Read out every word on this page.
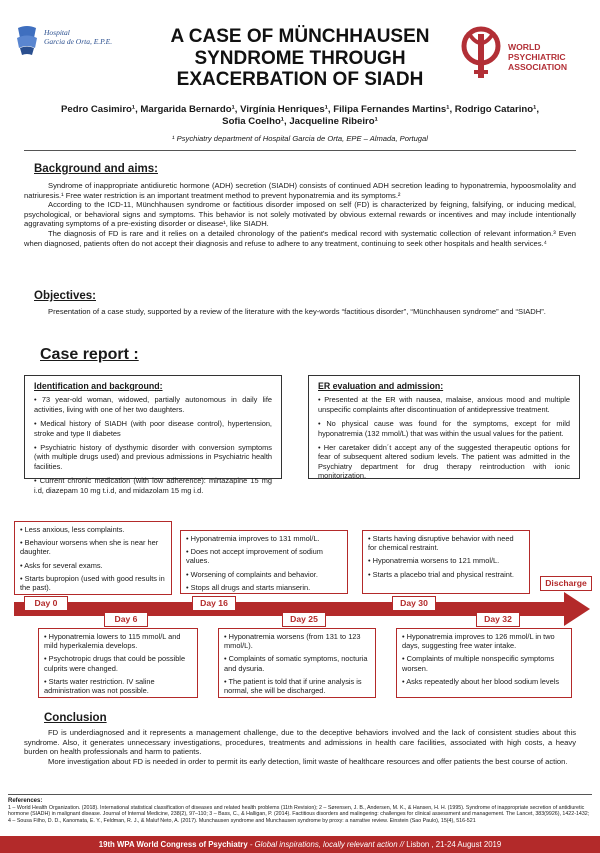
Hospital
Garcia de Orta, E.P.E.
WORLD
PSYCHIATRIC
ASSOCIATION
A CASE OF MÜNCHHAUSEN SYNDROME THROUGH EXACERBATION OF SIADH
Pedro Casimiro¹, Margarida Bernardo¹, Virgínia Henriques¹, Filipa Fernandes Martins¹, Rodrigo Catarino¹,
Sofia Coelho¹, Jacqueline Ribeiro¹
¹ Psychiatry department of Hospital Garcia de Orta, EPE – Almada, Portugal
Background and aims:

Syndrome of inappropriate antidiuretic hormone (ADH) secretion (SIADH) consists of continued ADH secretion leading to hyponatremia, hypoosmolality and natriuresis.¹ Free water restriction is an important treatment method to prevent hyponatremia and its symptoms.²

According to the ICD-11, Münchhausen syndrome or factitious disorder imposed on self (FD) is characterized by feigning, falsifying, or inducing medical, psychological, or behavioral signs and symptoms. This behavior is not solely motivated by obvious external rewards or incentives and may include intentionally aggravating symptoms of a pre-existing disorder or disease¹, like SIADH.

The diagnosis of FD is rare and it relies on a detailed chronology of the patient's medical record with systematic collection of relevant information.³ Even when diagnosed, patients often do not accept their diagnosis and refuse to adhere to any treatment, continuing to seek other hospitals and health services.⁴

Objectives:

Presentation of a case study, supported by a review of the literature with the key-words “factitious disorder”, “Münchhausen syndrome” and “SIADH”.

Case report :
Identification and background:
• 73 year-old woman, widowed, partially autonomous in daily life activities, living with one of her two daughters.
• Medical history of SIADH (with poor disease control), hypertension, stroke and type II diabetes
• Psychiatric history of dysthymic disorder with conversion symptoms (with multiple drugs used) and previous admissions in Psychiatric health facilities.
• Current chronic medication (with low adherence): mirtazapine 15 mg i.d, diazepam 10 mg t.i.d, and midazolam 15 mg i.d.
ER evaluation and admission:
• Presented at the ER with nausea, malaise, anxious mood and multiple unspecific complaints after discontinuation of antidepressive treatment.
• No physical cause was found for the symptoms, except for mild hyponatremia (132 mmol/L) that was within the usual values for the patient.
• Her caretaker didn´t accept any of the suggested therapeutic options for fear of subsequent altered sodium levels. The patient was admitted in the Psychiatry department for drug therapy reintroduction with ionic monitorization.
• Less anxious, less complaints.
• Behaviour worsens when she is near her daughter.
• Asks for several exams.
• Starts bupropion (used with good results in the past).
• Hyponatremia improves to 131 mmol/L.
• Does not accept improvement of sodium values.
• Worsening of complaints and behavior.
• Stops all drugs and starts mianserin.
• Starts having disruptive behavior with need for chemical restraint.
• Hyponatremia worsens to 121 mmol/L.
• Starts a placebo trial and physical restraint.
Day 0
Day 6
Day 16
Day 25
Day 30
Day 32
Discharge
• Hyponatremia lowers to 115 mmol/L and mild hyperkalemia develops.
• Psychotropic drugs that could be possible culprits were changed.
• Starts water restriction. IV saline administration was not possible.
• Hyponatremia worsens (from 131 to 123 mmol/L).
• Complaints of somatic symptoms, nocturia and dysuria.
• The patient is told that if urine analysis is normal, she will be discharged.
• Hyponatremia improves to 126 mmol/L in two days, suggesting free water intake.
• Complaints of multiple nonspecific symptoms worsen.
• Asks repeatedly about her blood sodium levels
Conclusion

FD is underdiagnosed and it represents a management challenge, due to the deceptive behaviors involved and the lack of consistent studies about this syndrome. Also, it generates unnecessary investigations, procedures, treatments and admissions in health care facilities, associated with high costs, a heavy burden on health professionals and harm to patients.

More investigation about FD is needed in order to permit its early detection, limit waste of healthcare resources and offer patients the best course of action.

References:
1 – World Health Organization. (2018). International statistical classification of diseases and related health problems (11th Revision); 2 – Sørensen, J. B., Andersen, M. K., & Hansen, H. H. (1995). Syndrome of inappropriate secretion of antidiuretic hormone (SIADH) in malignant disease. Journal of Internal Medicine, 238(2), 97–110; 3 – Bass, C., & Halligan, P. (2014). Factitious disorders and malingering: challenges for clinical assessment and management. The Lancet, 383(9926), 1422-1432; 4 – Sousa Filho, D. D., Kanomata, E. Y., Feldman, R. J., & Maluf Neto, A. (2017). Munchausen syndrome and Munchausen syndrome by proxy: a narrative review. Einstein (Sao Paulo), 15(4), 516-521
19th WPA World Congress of Psychiatry - Global inspirations, locally relevant action // Lisbon , 21-24 August 2019
